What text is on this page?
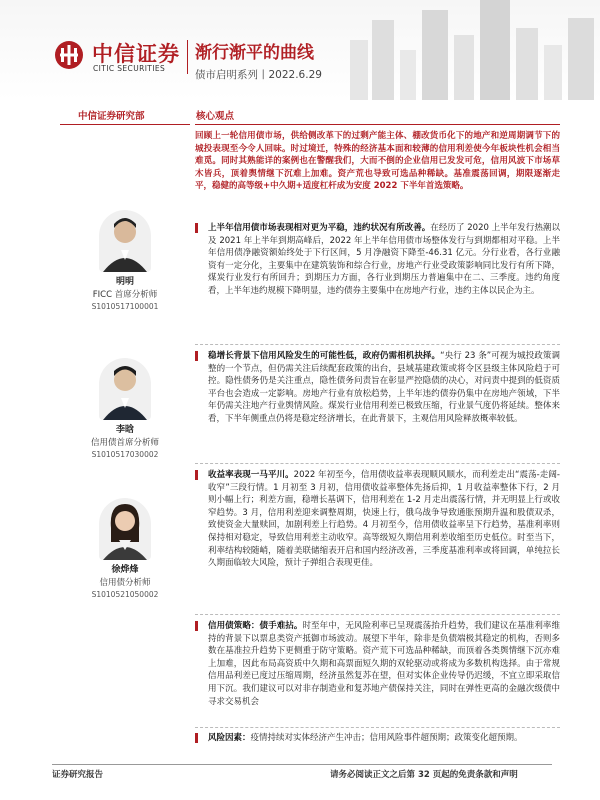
中信证券
CITIC SECURITIES
渐行渐平的曲线
债市启明系列丨2022.6.29
中信证券研究部	核心观点
明明
FICC 首席分析师
S1010517100001
李晗
信用债首席分析师
S1010517030002
徐烨烽
信用债分析师
S1010521050002
回顾上一轮信用债市场，供给侧改革下的过剩产能主体、棚改货币化下的地产和逆周期调节下的城投表现至今令人回味。时过境迁，特殊的经济基本面和较薄的信用利差使今年板块性机会相当难觅。同时其熟能详的案例也在警醒我们，大而不倒的企业信用已发发可危，信用风波下市场草木皆兵，顶着舆情继下沉难上加难。资产荒也导致可选品种稀缺。基准震荡回调，期限逐渐走平，稳健的高等级+中久期+适度杠杆成为安度 2022 下半年首选策略。
上半年信用债市场表现相对更为平稳，违约状况有所改善。在经历了 2020 上半年发行热潮以及 2021 年上半年到期高峰后，2022 年上半年信用债市场整体发行与到期都相对平稳。上半年信用债净融资额始终处于下行区间，5 月净融资下降至-46.31 亿元。分行业看，各行业融资有一定分化，主要集中在建筑装饰和综合行业，房地产行业受政策影响同比发行有所下降，煤炭行业发行有所回升；到期压力方面，各行业到期压力普遍集中在二、三季度。违约角度看，上半年违约规模下降明显，违约债券主要集中在房地产行业，违约主体以民企为主。
稳增长背景下信用风险发生的可能性低，政府仍需相机抉择。“央行 23 条”可视为城投政策调整的一个节点，但仍需关注后续配套政策的出台，县域基建政策或将令区县级主体风险趋于可控。隐性债务仍是关注重点，隐性债务问责旨在彰显严控隐债的决心，对问责中提到的低资质平台也会造成一定影响。房地产行业有放松趋势，上半年违约债券仍集中在房地产领域，下半年仍需关注地产行业舆情风险。煤炭行业信用利差已极致压缩，行业景气度仍将延续。整体来看，下半年侧重点仍将是稳定经济增长，在此背景下，主观信用风险释放概率较低。
收益率表现一马平川。2022 年初至今，信用债收益率表现顺风顺水，而利差走出“震荡-走阔-收窄”三段行情。1 月初至 3 月初，信用债收益率整体先扬后抑，1 月收益率整体下行，2 月则小幅上行；利差方面，稳增长基调下，信用利差在 1-2 月走出震荡行情，并无明显上行或收窄趋势。3 月，信用利差迎来调整周期，快速上行，俄乌战争导致通胀预期升温和股债双杀，致使资金大量赎回，加剧利差上行趋势。4 月初至今，信用债收益率呈下行趋势，基准利率则保持相对稳定，导致信用利差主动收窄。高等级短久期信用利差收缩至历史低位。时至当下，利率结构较随峭，随着美联储缩表开启和国内经济改善，三季度基准利率或将回调，单纯拉长久期面临较大风险，预计子弹组合表现更佳。
信用债策略：债手难拈。时至年中，无风险利率已呈现震荡抬升趋势，我们建议在基准利率维持的背景下以票息类资产抵御市场波动。展望下半年，除非是负债端极其稳定的机构，否则多数在基准拉升趋势下更侧重于防守策略。资产荒下可选品种稀缺，而顶着各类舆情继下沉亦难上加难，因此布局高资质中久期和高票面短久期的双轮驱动或将成为多数机构选择。由于常规信用品利差已度过压缩周期，经济虽然复苏在望，但对实体企业传导仍迟缓，不宜立即采取信用下沉。我们建议可以对非存制造业和复苏地产债保持关注，同时在弹性更高的金融次级债中寻求交易机会
风险因素：疫情持续对实体经济产生冲击；信用风险事件超预期；政策变化超预期。
证券研究报告	请务必阅读正文之后第 32 页起的免责条款和声明
